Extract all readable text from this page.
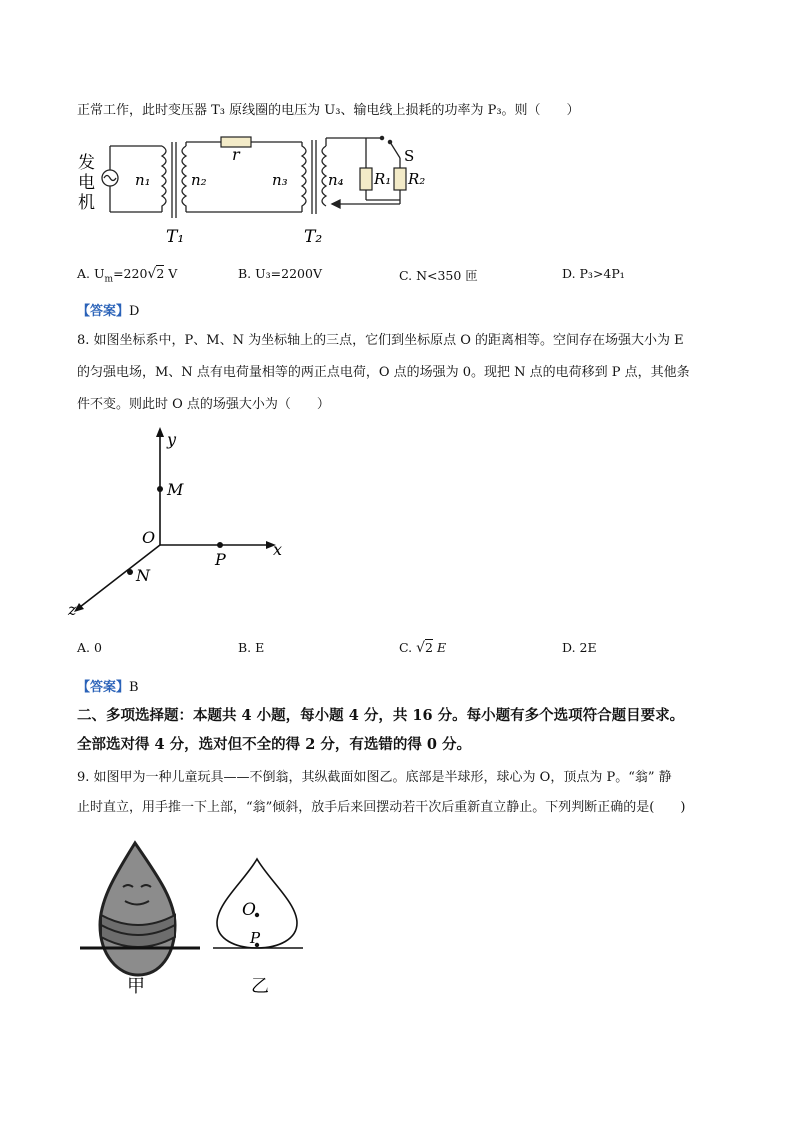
正常工作，此时变压器 T₃ 原线圈的电压为 U₃、输电线上损耗的功率为 P₃。则（　　）
发
电
机
n₁	n₂	n₃	n₄
r
R₁ R₂
S
T₁	T₂
A. $U_m=220√2$ V	B. U₃=2200V	C. N<350 匝	D. P₃>4P₁
【答案】D
8. 如图坐标系中，P、M、N 为坐标轴上的三点，它们到坐标原点 O 的距离相等。空间存在场强大小为 E
的匀强电场，M、N 点有电荷量相等的两正点电荷，O 点的场强为 0。现把 N 点的电荷移到 P 点，其他条
件不变。则此时 O 点的场强大小为（　　）
y
x
z
O
M
P
N
A. 0	B. E	C. √2 E	D. 2E
【答案】B
二、多项选择题：本题共 4 小题，每小题 4 分，共 16 分。每小题有多个选项符合题目要求。
全部选对得 4 分，选对但不全的得 2 分，有选错的得 0 分。
9. 如图甲为一种儿童玩具——不倒翁，其纵截面如图乙。底部是半球形，球心为 O，顶点为 P。“翁” 静
止时直立，用手推一下上部，“翁”倾斜，放手后来回摆动若干次后重新直立静止。下列判断正确的是(　　)
O
P
甲	乙
